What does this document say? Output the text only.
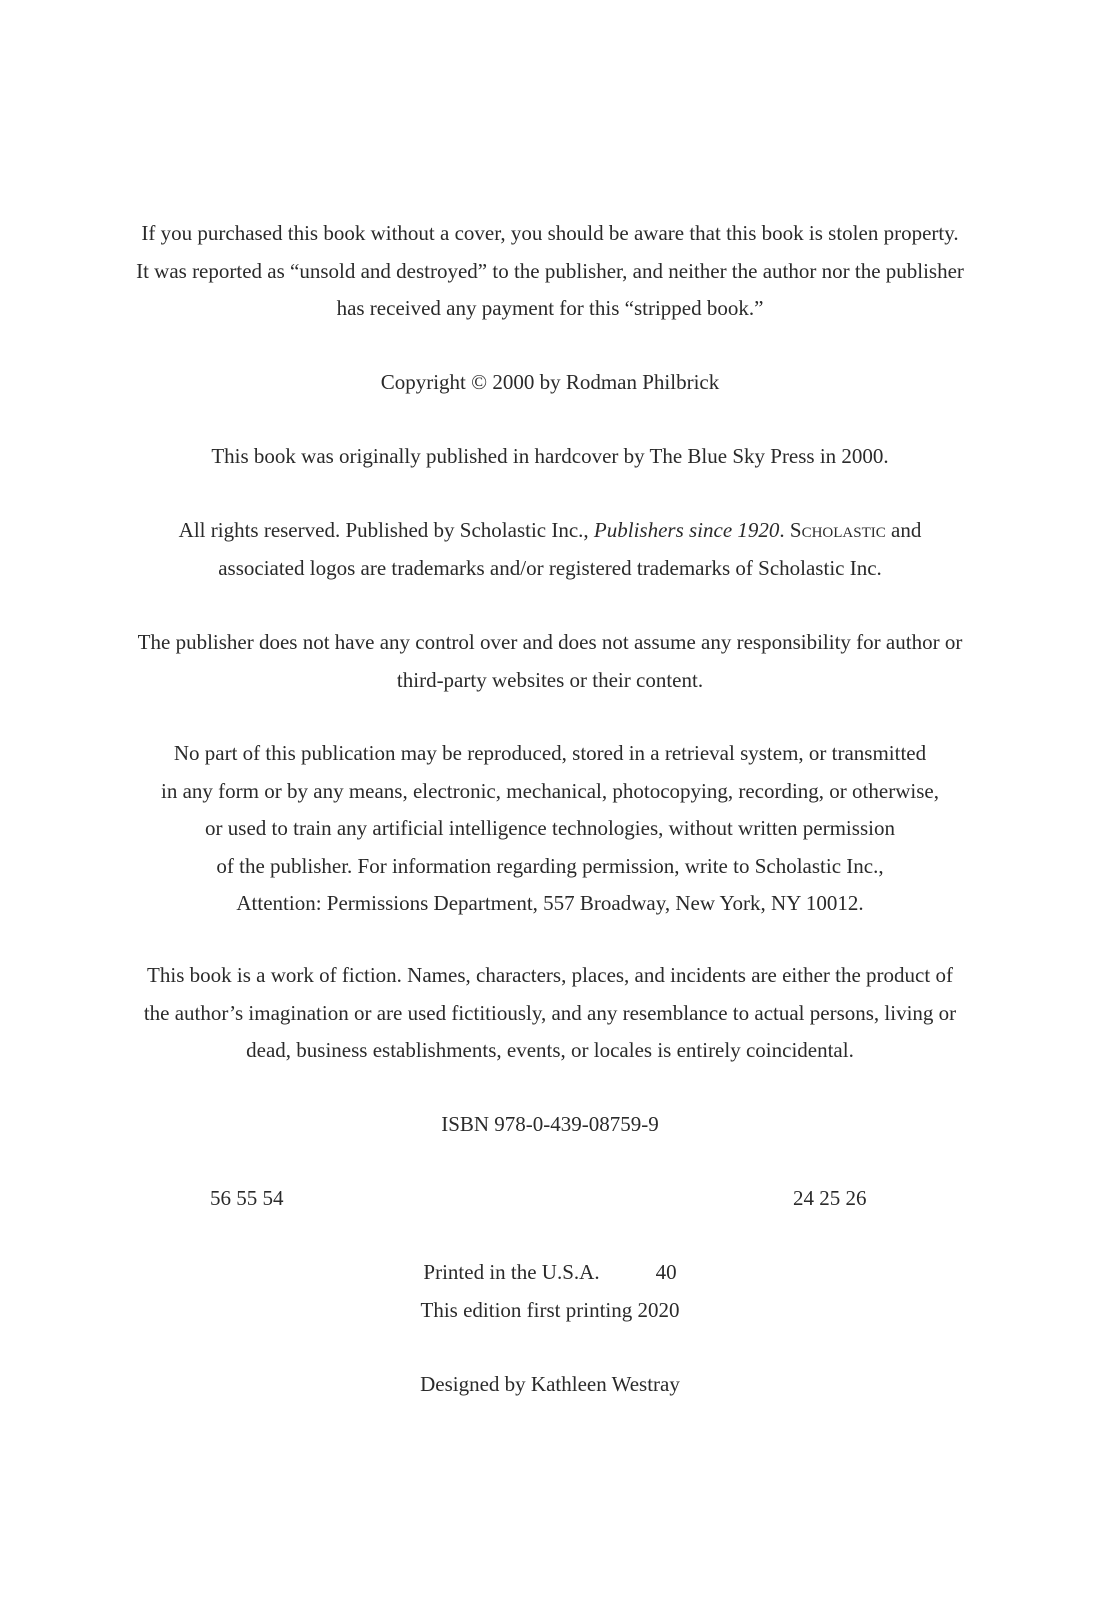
If you purchased this book without a cover, you should be aware that this book is stolen property.
It was reported as “unsold and destroyed” to the publisher, and neither the author nor the publisher
has received any payment for this “stripped book.”
Copyright © 2000 by Rodman Philbrick
This book was originally published in hardcover by The Blue Sky Press in 2000.
All rights reserved. Published by Scholastic Inc., Publishers since 1920. Scholastic and
associated logos are trademarks and/or registered trademarks of Scholastic Inc.
The publisher does not have any control over and does not assume any responsibility for author or
third-party websites or their content.
No part of this publication may be reproduced, stored in a retrieval system, or transmitted
in any form or by any means, electronic, mechanical, photocopying, recording, or otherwise,
or used to train any artificial intelligence technologies, without written permission
of the publisher. For information regarding permission, write to Scholastic Inc.,
Attention: Permissions Department, 557 Broadway, New York, NY 10012.
This book is a work of fiction. Names, characters, places, and incidents are either the product of
the author’s imagination or are used fictitiously, and any resemblance to actual persons, living or
dead, business establishments, events, or locales is entirely coincidental.
ISBN 978-0-439-08759-9
56 55 54	24 25 26
Printed in the U.S.A.	40
This edition first printing 2020
Designed by Kathleen Westray
